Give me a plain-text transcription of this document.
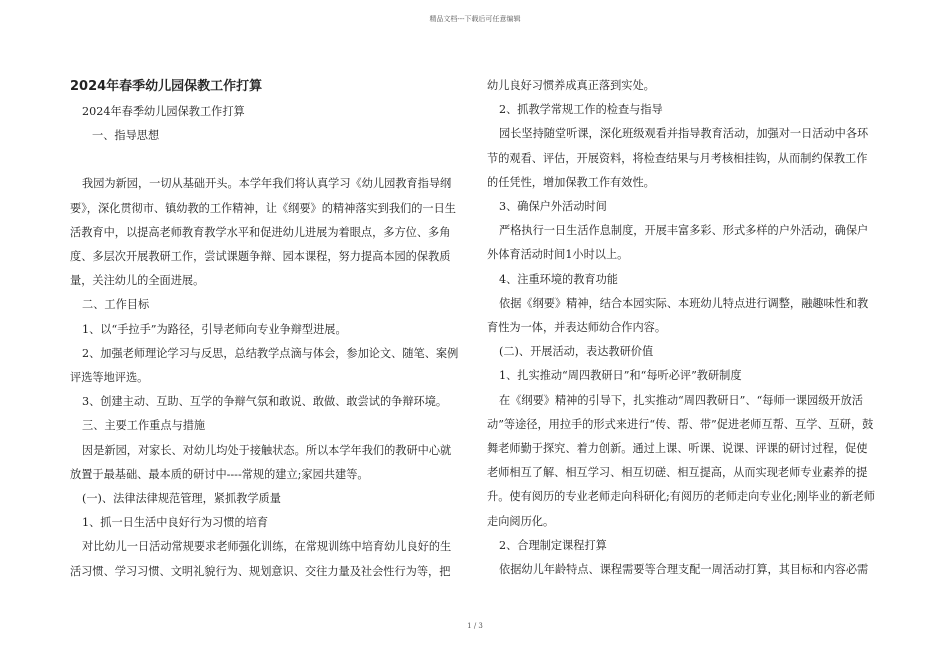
精品文档---下载后可任意编辑

2024年春季幼儿园保教工作打算

2024年春季幼儿园保教工作打算

一、指导思想

我园为新园，一切从基础开头。本学年我们将认真学习《幼儿园教育指导纲要》，深化贯彻市、镇幼教的工作精神，让《纲要》的精神落实到我们的一日生活教育中，以提高老师教育教学水平和促进幼儿进展为着眼点，多方位、多角度、多层次开展教研工作，尝试课题争辩、园本课程，努力提高本园的保教质量，关注幼儿的全面进展。

二、工作目标

1、以“手拉手”为路径，引导老师向专业争辩型进展。

2、加强老师理论学习与反思，总结教学点滴与体会，参加论文、随笔、案例评选等地评选。

3、创建主动、互助、互学的争辩气氛和敢说、敢做、敢尝试的争辩环境。

三、主要工作重点与措施

因是新园，对家长、对幼儿均处于接触状态。所以本学年我们的教研中心就放置于最基础、最本质的研讨中----常规的建立;家园共建等。

(一)、法律法律规范管理，紧抓教学质量

1、抓一日生活中良好行为习惯的培育

对比幼儿一日活动常规要求老师强化训练，在常规训练中培育幼儿良好的生活习惯、学习习惯、文明礼貌行为、规划意识、交往力量及社会性行为等，把

幼儿良好习惯养成真正落到实处。

2、抓教学常规工作的检查与指导

园长坚持随堂听课，深化班级观看并指导教育活动，加强对一日活动中各环节的观看、评估，开展资料，将检查结果与月考核相挂钩，从而制约保教工作的任凭性，增加保教工作有效性。

3、确保户外活动时间

严格执行一日生活作息制度，开展丰富多彩、形式多样的户外活动，确保户外体育活动时间1小时以上。

4、注重环境的教育功能

依据《纲要》精神，结合本园实际、本班幼儿特点进行调整，融趣味性和教育性为一体，并表达师幼合作内容。

(二)、开展活动，表达教研价值

1、扎实推动“周四教研日”和“每听必评”教研制度

在《纲要》精神的引导下，扎实推动“周四教研日”、“每师一课园级开放活动”等途径，用拉手的形式来进行“传、帮、带”促进老师互帮、互学、互研，鼓舞老师勤于探究、着力创新。通过上课、听课、说课、评课的研讨过程，促使老师相互了解、相互学习、相互切磋、相互提高，从而实现老师专业素养的提升。使有阅历的专业老师走向科研化;有阅历的老师走向专业化;刚毕业的新老师走向阅历化。

2、合理制定课程打算

依据幼儿年龄特点、课程需要等合理支配一周活动打算，其目标和内容必需

1 / 3
